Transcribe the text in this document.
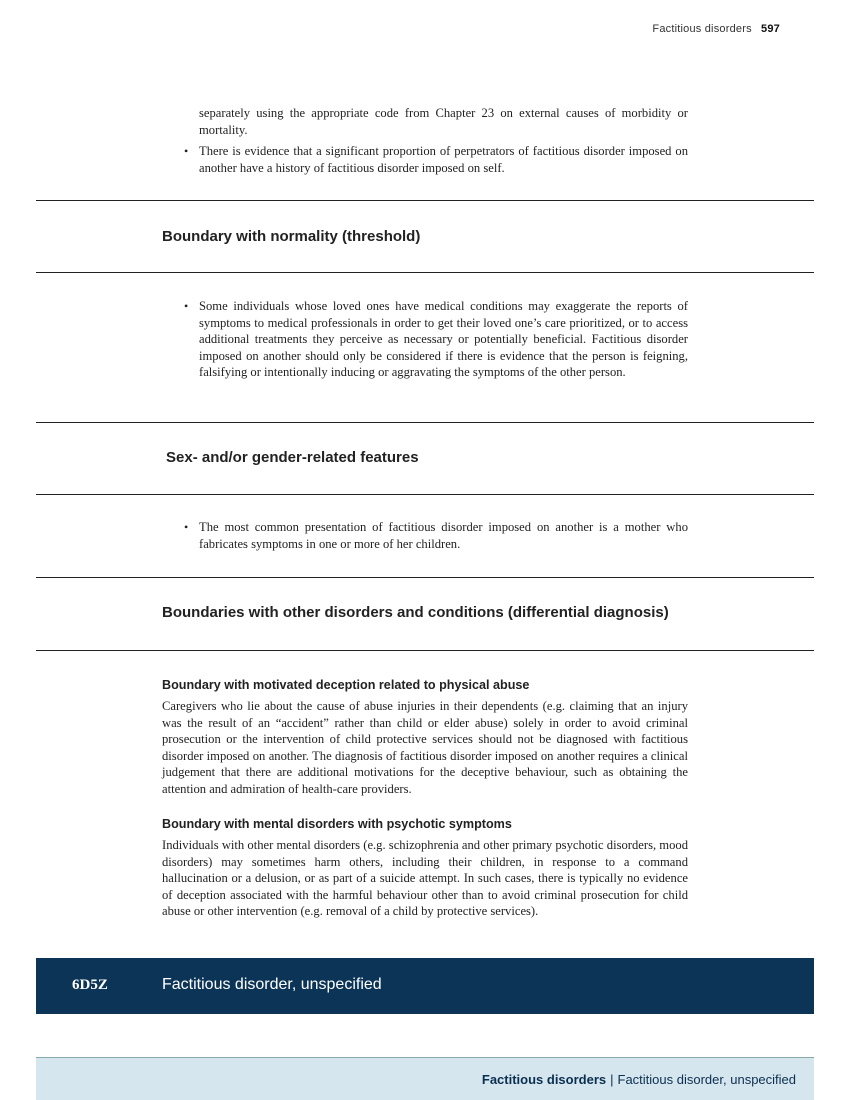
Factitious disorders 597
separately using the appropriate code from Chapter 23 on external causes of morbidity or mortality.
• There is evidence that a significant proportion of perpetrators of factitious disorder imposed on another have a history of factitious disorder imposed on self.
Boundary with normality (threshold)
• Some individuals whose loved ones have medical conditions may exaggerate the reports of symptoms to medical professionals in order to get their loved one’s care prioritized, or to access additional treatments they perceive as necessary or potentially beneficial. Factitious disorder imposed on another should only be considered if there is evidence that the person is feigning, falsifying or intentionally inducing or aggravating the symptoms of the other person.
Sex- and/or gender-related features
• The most common presentation of factitious disorder imposed on another is a mother who fabricates symptoms in one or more of her children.
Boundaries with other disorders and conditions (differential diagnosis)
Boundary with motivated deception related to physical abuse
Caregivers who lie about the cause of abuse injuries in their dependents (e.g. claiming that an injury was the result of an “accident” rather than child or elder abuse) solely in order to avoid criminal prosecution or the intervention of child protective services should not be diagnosed with factitious disorder imposed on another. The diagnosis of factitious disorder imposed on another requires a clinical judgement that there are additional motivations for the deceptive behaviour, such as obtaining the attention and admiration of health-care providers.
Boundary with mental disorders with psychotic symptoms
Individuals with other mental disorders (e.g. schizophrenia and other primary psychotic disorders, mood disorders) may sometimes harm others, including their children, in response to a command hallucination or a delusion, or as part of a suicide attempt. In such cases, there is typically no evidence of deception associated with the harmful behaviour other than to avoid criminal prosecution for child abuse or other intervention (e.g. removal of a child by protective services).
6D5Z	Factitious disorder, unspecified
Factitious disorders | Factitious disorder, unspecified
